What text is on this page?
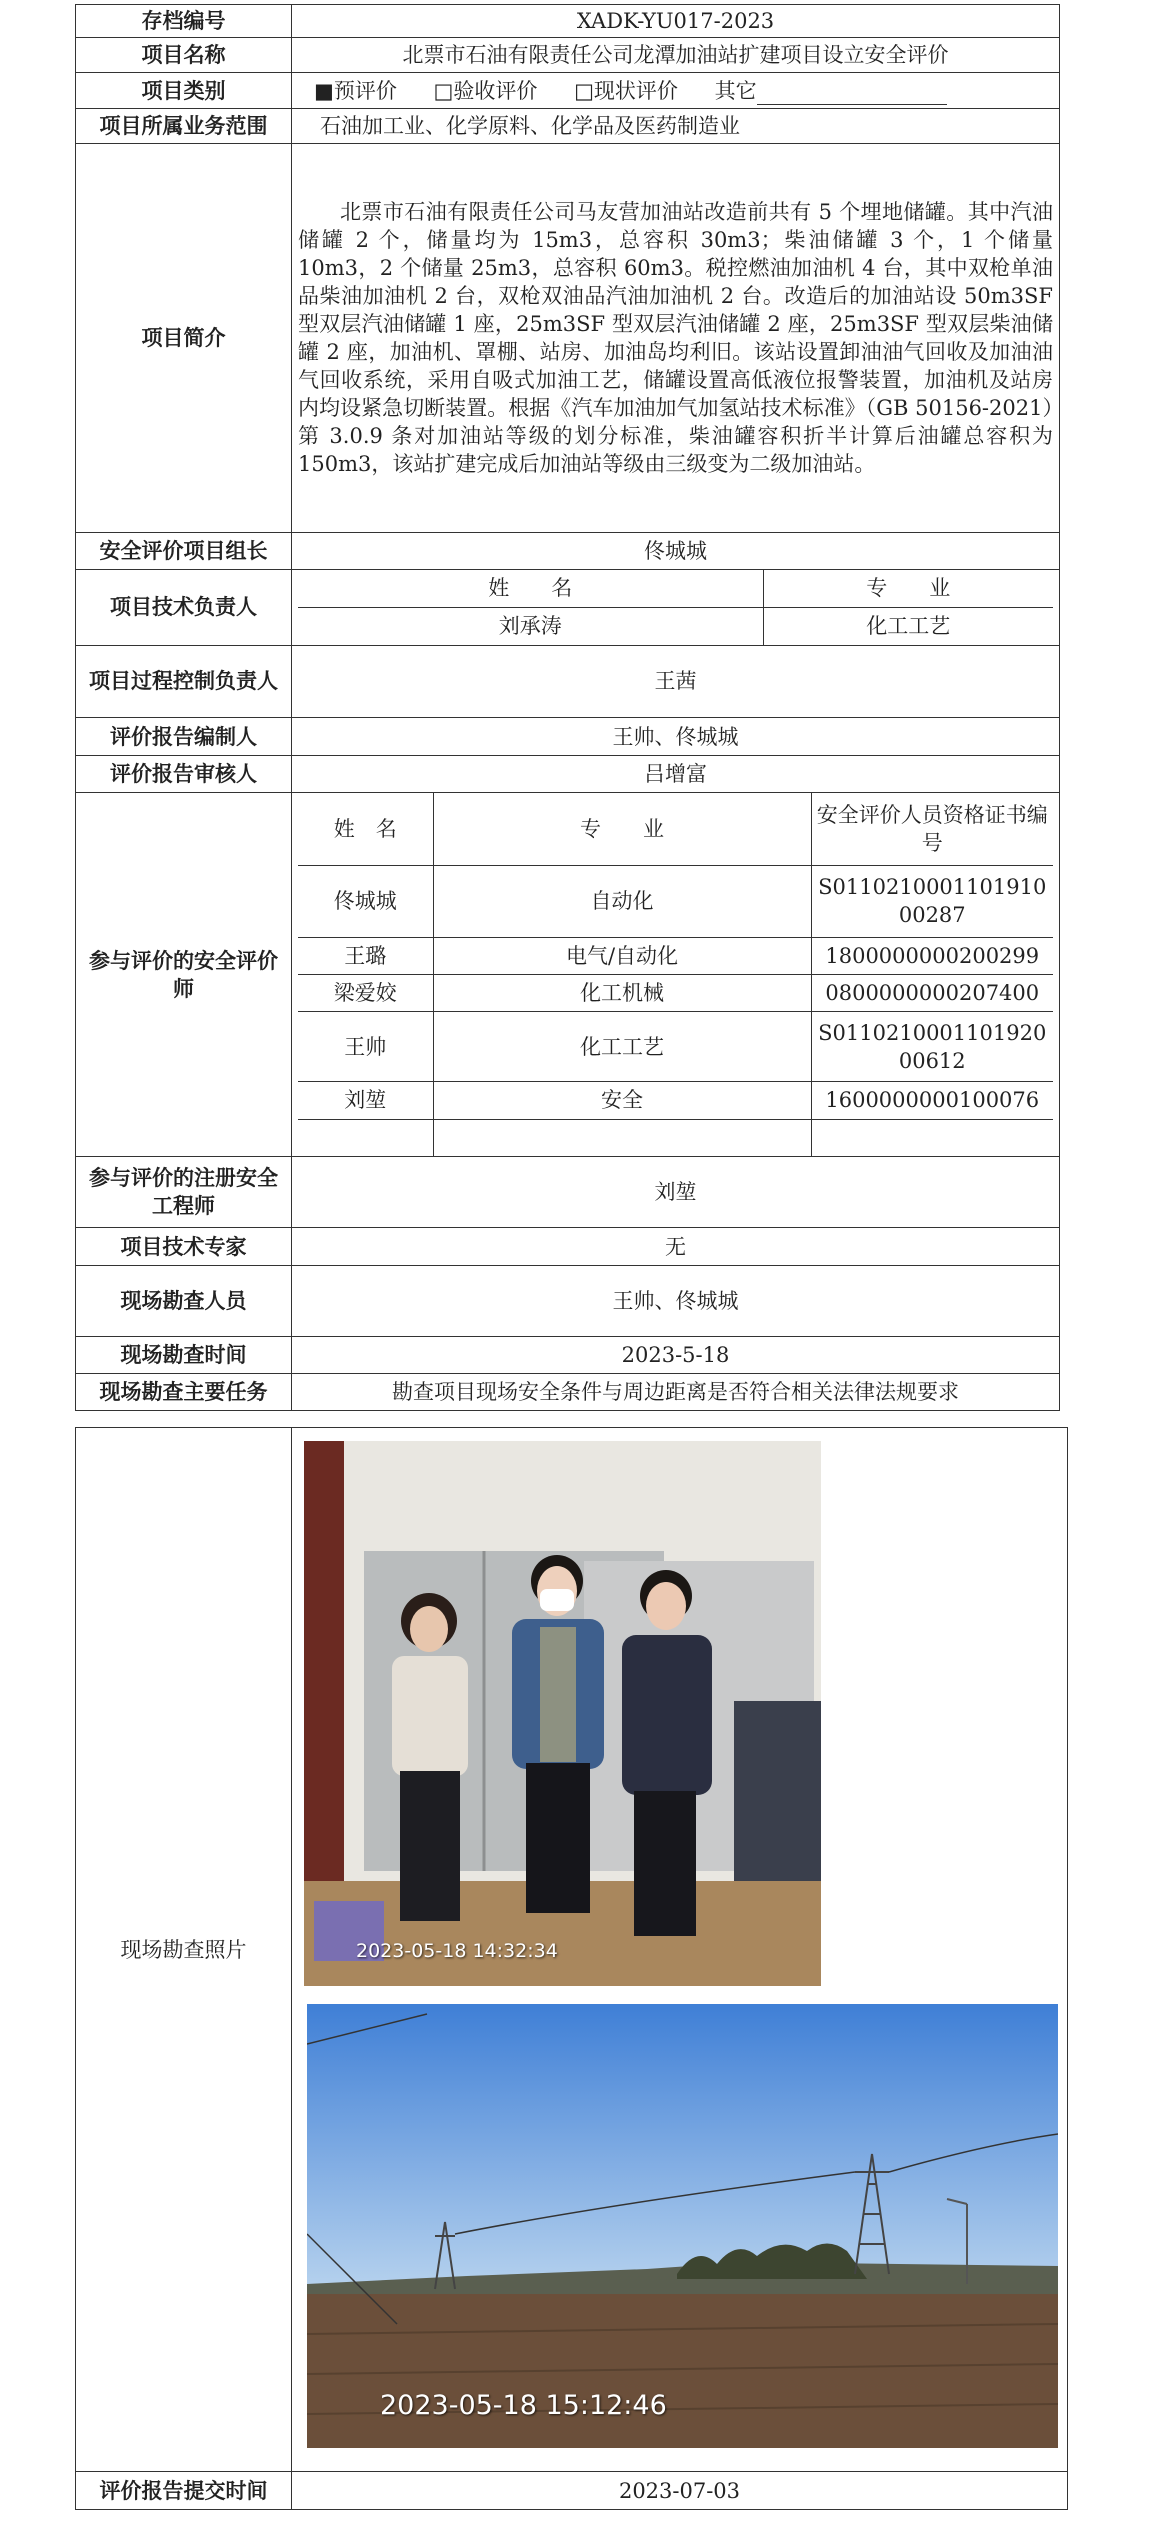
存档编号	XADK-YU017-2023
项目名称	北票市石油有限责任公司龙潭加油站扩建项目设立安全评价
项目类别	■预评价 □验收评价 □现状评价 其它
项目所属业务范围	石油加工业、化学原料、化学品及医药制造业
项目简介	北票市石油有限责任公司马友营加油站改造前共有 5 个埋地储罐。其中汽油储罐 2 个，储量均为 15m3，总容积 30m3；柴油储罐 3 个，1 个储量 10m3，2 个储量 25m3，总容积 60m3。税控燃油加油机 4 台，其中双枪单油品柴油加油机 2 台，双枪双油品汽油加油机 2 台。改造后的加油站设 50m3SF 型双层汽油储罐 1 座，25m3SF 型双层汽油储罐 2 座，25m3SF 型双层柴油储罐 2 座，加油机、罩棚、站房、加油岛均利旧。该站设置卸油油气回收及加油油气回收系统，采用自吸式加油工艺，储罐设置高低液位报警装置，加油机及站房内均设紧急切断装置。根据《汽车加油加气加氢站技术标准》（GB 50156-2021）第 3.0.9 条对加油站等级的划分标准，柴油罐容积折半计算后油罐总容积为 150m3，该站扩建完成后加油站等级由三级变为二级加油站。
安全评价项目组长	佟城城
项目技术负责人	
姓　　名	专　　业
刘承涛	化工工艺

项目过程控制负责人	王茜
评价报告编制人	王帅、佟城城
评价报告审核人	吕增富
参与评价的安全评价师	
姓　名	专　　业	安全评价人员资格证书编号
佟城城	自动化	S011021000110191000287
王璐	电气/自动化	1800000000200299
梁爱姣	化工机械	0800000000207400
王帅	化工工艺	S011021000110192000612
刘堃	安全	1600000000100076

参与评价的注册安全工程师	刘堃
项目技术专家	无
现场勘查人员	王帅、佟城城
现场勘查时间	2023-5-18
现场勘查主要任务	勘查项目现场安全条件与周边距离是否符合相关法律法规要求
现场勘查照片	
评价报告提交时间	2023-07-03
2023-05-18 14:32:34
2023-05-18 15:12:46
